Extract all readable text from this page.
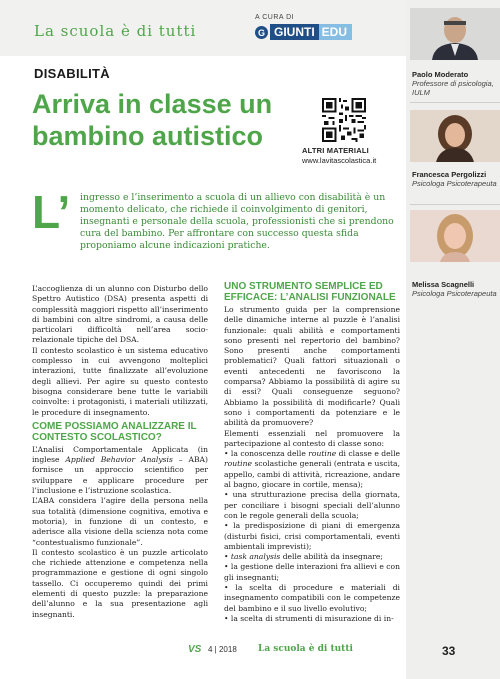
La scuola è di tutti
A CURA DI
G GIUNTI EDU
DISABILITÀ
Arriva in classe un
bambino autistico	ALTRI MATERIALI
www.lavitascolastica.it
L’ ingresso e l’inserimento a scuola di un allievo con disabilità è un momento delicato, che richiede il coinvolgimento di genitori, insegnanti e personale della scuola, professionisti che si prendono cura del bambino. Per affrontare con successo questa sfida proponiamo alcune indicazioni pratiche.

L’accoglienza di un alunno con Disturbo dello Spettro Autistico (DSA) presenta aspetti di complessità maggiori rispetto all’inserimento di bambini con altre sindromi, a causa delle particolari difficoltà nell’area socio-relazionale tipiche del DSA.

Il contesto scolastico è un sistema educativo complesso in cui avvengono molteplici interazioni, tutte finalizzate all’evoluzione degli allievi. Per agire su questo contesto bisogna considerare bene tutte le variabili coinvolte: i protagonisti, i materiali utilizzati, le procedure di insegnamento.

COME POSSIAMO ANALIZZARE IL CONTESTO SCOLASTICO?

L’Analisi Comportamentale Applicata (in inglese Applied Behavior Analysis – ABA) fornisce un approccio scientifico per sviluppare e applicare procedure per l’inclusione e l’istruzione scolastica.

L’ABA considera l’agire della persona nella sua totalità (dimensione cognitiva, emotiva e motoria), in funzione di un contesto, e aderisce alla visione della scienza nota come “contestualismo funzionale”.

Il contesto scolastico è un puzzle articolato che richiede attenzione e competenza nella programmazione e gestione di ogni singolo tassello. Ci occuperemo quindi dei primi elementi di questo puzzle: la preparazione dell’alunno e la sua presentazione agli insegnanti.

UNO STRUMENTO SEMPLICE ED EFFICACE: L’ANALISI FUNZIONALE

Lo strumento guida per la comprensione delle dinamiche interne al puzzle è l’analisi funzionale: quali abilità e comportamenti sono presenti nel repertorio del bambino? Sono presenti anche comportamenti problematici? Quali fattori situazionali o eventi antecedenti ne favoriscono la comparsa? Abbiamo la possibilità di agire su di essi? Quali conseguenze seguono? Abbiamo la possibilità di modificarle? Quali sono i comportamenti da potenziare e le abilità da promuovere?

Elementi essenziali nel promuovere la partecipazione al contesto di classe sono:

• la conoscenza delle routine di classe e delle routine scolastiche generali (entrata e uscita, appello, cambi di attività, ricreazione, andare al bagno, giocare in cortile, mensa);

• una strutturazione precisa della giornata, per conciliare i bisogni speciali dell’alunno con le regole generali della scuola;

• la predisposizione di piani di emergenza (disturbi fisici, crisi comportamentali, eventi ambientali imprevisti);

• task analysis delle abilità da insegnare;

• la gestione delle interazioni fra allievi e con gli insegnanti;

• la scelta di procedure e materiali di insegnamento compatibili con le competenze del bambino e il suo livello evolutivo;

• la scelta di strumenti di misurazione di in-

VS 4 | 2018 La scuola è di tutti
Paolo Moderato
Professore di psicologia, IULM
Francesca Pergolizzi
Psicologa Psicoterapeuta
Melissa Scagnelli
Psicologa Psicoterapeuta
33
